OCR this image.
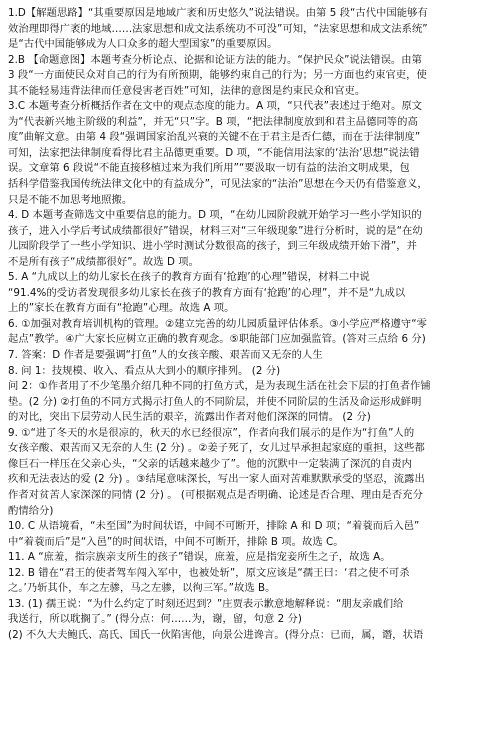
1.D【解题思路】“其重要原因是地域广袤和历史悠久”说法错误。由第 5 段“古代中国能够有
效治理即得广袤的地域……法家思想和成文法系统功不可没”可知，“法家思想和成文法系统”
是“古代中国能够成为人口众多的超大型国家”的重要原因。
2.B 【命题意图】本题考查分析论点、论据和论证方法的能力。“保护民众”说法错误。由第
3 段“一方面使民众对自己的行为有所预期，能够约束自己的行为；另一方面也约束官吏，使
其不能轻易违背法律而任意侵害老百姓”可知，法律的意图是约束民众和官吏。
3.C 本题考查分析概括作者在文中的观点态度的能力。A 项，“只代表”表述过于绝对。原文
为“代表新兴地主阶级的利益”，并无“只”字。B 项，“把法律制度放到和君主品德同等的高
度”曲解文意。由第 4 段“强调国家治乱兴衰的关键不在于君主是否仁德，而在于法律制度”
可知，法家把法律制度看得比君主品德更重要。D 项，“不能信用法家的‘法治’思想”说法错
误。文章第 6 段说“不能直接移植过来为我们所用”“要汲取一切有益的法治文明成果，包
括科学借鉴我国传统法律文化中的有益成分”，可见法家的“法治”思想在今天仍有借鉴意义，
只是不能不加思考地照搬。
4. D 本题考查筛选文中重要信息的能力。D 项，“在幼儿园阶段就开始学习一些小学知识的
孩子，进入小学后考试成绩都很好”错误，材料三对“三年级现象”进行分析时，说的是“在幼
儿园阶段学了一些小学知识、进小学时测试分数很高的孩子，到三年级成绩开始下滑”，并
不是所有孩子“成绩都很好”。故选 D 项。
5. A “九成以上的幼儿家长在孩子的教育方面有‘抢跑’的心理”错误，材料二中说
“91.4%的受访者发现很多幼儿家长在孩子的教育方面有‘抢跑’的心理”，并不是“九成以
上的”家长在教育方面有“抢跑”心理。故选 A 项。
6. ①加强对教育培训机构的管理。②建立完善的幼儿园质量评估体系。③小学应严格遵守“零
起点”教学。④广大家长应树立正确的教育观念。⑤职能部门应加强监管。(答对三点给 6 分)
7. 答案：D 作者是要强调“打鱼”人的女孩辛酸、艰苦而又无奈的人生
8. 问 1：技规模、收入、看点从大到小的顺序排列。 (2 分)
问 2：①作者用了不少笔墨介绍几种不同的打鱼方式，是为表现生活在社会下层的打鱼者作铺
垫。(2 分) ②打鱼的不同方式揭示打鱼人的不同阶层，并使不同阶层的生活及命运形成鲜明
的对比，突出下层劳动人民生活的艰辛，流露出作者对他们深深的同情。 (2 分)
9. ①“进了冬天的水是很凉的，秋天的水已经很凉”，作者向我们展示的是作为“打鱼”人的
女孩辛酸、艰苦而又无奈的人生 (2 分) 。②姜子死了，女儿过早承担起家庭的重担，这些都
像巨石一样压在父亲心头，“父亲的话越来越少了”。他的沉默中一定装满了深沉的自责内
疚和无法表达的爱 (2 分) 。③结尾意味深长，写出一家人面对苦难默默承受的坚忍，流露出
作者对贫苦人家深深的同情 (2 分) 。 (可根据观点是否明确、论述是否合理、理由是否充分
酌情给分)
10. C 从语境看，“未至国”为时间状语，中间不可断开，排除 A 和 D 项；“着蓑而后入邑”
中“着蓑而后”是“入邑”的时间状语，中间不可断开，排除 B 项。故选 C。
11. A “庶羞，指宗族亲支所生的孩子”错误，庶羞，应是指宠妾所生之子，故选 A。
12. B 错在“君王的使者驾车闯入军中，也被处斩”，原文应该是“孺王曰：‘君之使不可杀
之。’乃斩其仆，车之左骖，马之左骖，以徇三军。”故选 B。
13. (1) 孺王说：“为什么约定了时刻还迟到？”庄贾表示歉意地解释说：“朋友亲戚们给
我送行，所以耽搁了。” (得分点：何……为，谢，留，句意 2 分)
(2) 不久大夫鲍氏、高氏、国氏一伙陷害他，向景公进谗言。(得分点：已而，属，谮，状语
